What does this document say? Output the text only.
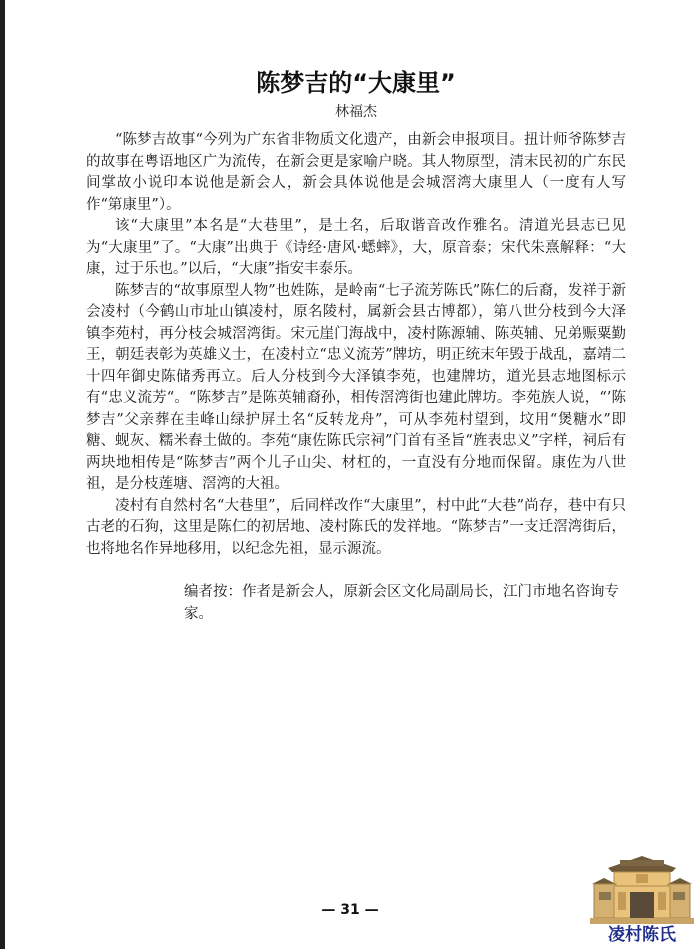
陈梦吉的“大康里”
林福杰

“陈梦吉故事“今列为广东省非物质文化遗产，由新会申报项目。扭计师爷陈梦吉的故事在粤语地区广为流传，在新会更是家喻户晓。其人物原型，清末民初的广东民间掌故小说印本说他是新会人，新会具体说他是会城滘湾大康里人（一度有人写作“第康里”）。

该“大康里”本名是“大巷里”，是土名，后取谐音改作雅名。清道光县志已见为“大康里”了。“大康”出典于《诗经·唐风·蟋蟀》，大，原音泰；宋代朱熹解释：“大康，过于乐也。”以后，“大康”指安丰泰乐。

陈梦吉的“故事原型人物”也姓陈，是岭南“七子流芳陈氏”陈仁的后裔，发祥于新会凌村（今鹤山市址山镇凌村，原名陵村，属新会县古博都），第八世分枝到今大泽镇李苑村，再分枝会城滘湾街。宋元崖门海战中，凌村陈源辅、陈英辅、兄弟赈粟勤王，朝廷表彰为英雄义士，在凌村立“忠义流芳”牌坊，明正统末年毁于战乱，嘉靖二十四年御史陈储秀再立。后人分枝到今大泽镇李苑，也建牌坊，道光县志地图标示有“忠义流芳“。“陈梦吉”是陈英辅裔孙，相传滘湾街也建此牌坊。李苑族人说，“’陈梦吉”父亲葬在圭峰山绿护屏土名“反转龙舟”，可从李苑村望到，坟用“煲糖水”即糖、蚬灰、糯米舂土做的。李苑“康佐陈氏宗祠”门首有圣旨“旌表忠义”字样，祠后有两块地相传是“陈梦吉”两个儿子山尖、材杠的，一直没有分地而保留。康佐为八世祖，是分枝莲塘、滘湾的大祖。

凌村有自然村名“大巷里”，后同样改作“大康里”，村中此“大巷”尚存，巷中有只古老的石狗，这里是陈仁的初居地、凌村陈氏的发祥地。“陈梦吉”一支迁滘湾街后，也将地名作异地移用，以纪念先祖，显示源流。

编者按：作者是新会人，原新会区文化局副局长，江门市地名咨询专家。

— 31 —
凌村陈氏
